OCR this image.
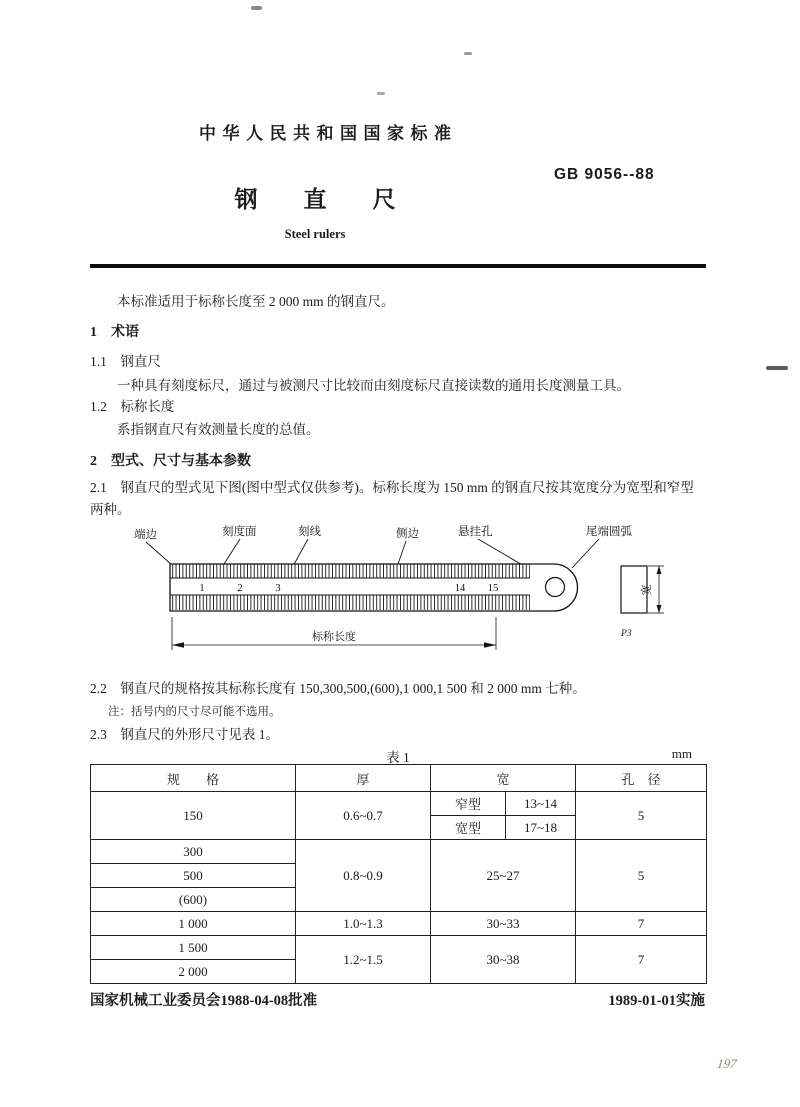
中华人民共和国国家标准
GB 9056--88
钢　　直　　尺
Steel rulers
本标准适用于标称长度至 2 000 mm 的钢直尺。
1　术语
1.1　钢直尺
一种具有刻度标尺，通过与被测尺寸比较而由刻度标尺直接读数的通用长度测量工具。
1.2　标称长度
系指钢直尺有效测量长度的总值。
2　型式、尺寸与基本参数
2.1　钢直尺的型式见下图(图中型式仅供参考)。标称长度为 150 mm 的钢直尺按其宽度分为宽型和窄型两种。
端边	刻度面	刻线	侧边	悬挂孔	尾端圆弧
1	2	3	14 15	宽
P3
标称长度
2.2　钢直尺的规格按其标称长度有 150,300,500,(600),1 000,1 500 和 2 000 mm 七种。
注：括号内的尺寸尽可能不选用。
2.3　钢直尺的外形尺寸见表 1。
表 1	mm
规　　格	厚	宽		孔　径
150	0.6~0.7	窄型	13~14	5
		宽型	17~18	
300	0.8~0.9	25~27		5
500				
(600)				
1 000	1.0~1.3	30~33		7
1 500	1.2~1.5	30~38		7
2 000				
国家机械工业委员会1988-04-08批准	1989-01-01实施
197
